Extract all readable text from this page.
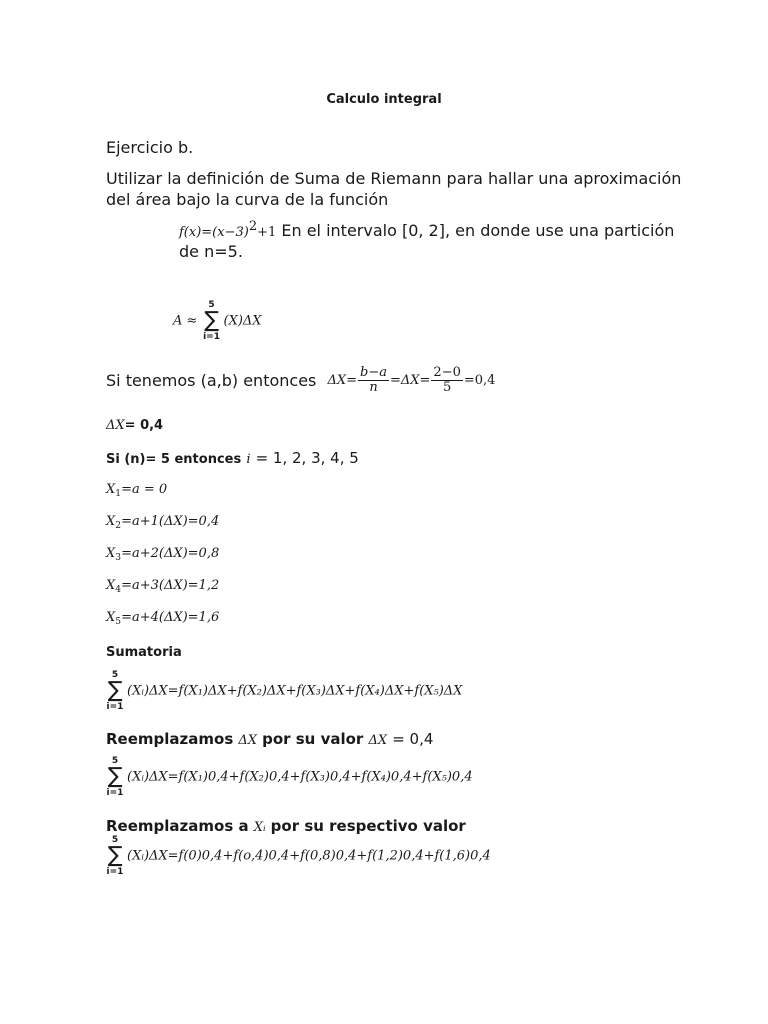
Calculo integral
Ejercicio b.
Utilizar la definición de Suma de Riemann para hallar una aproximación
del área bajo la curva de la función
$f(x)=(x-3)^2+1$ En el intervalo [0, 2], en donde use una partición
de n=5.
A ≈
5
∑
i=1
(X)ΔX
Si tenemos (a,b) entonces $\Delta X= \frac{b-a}{n} =\Delta X= \frac{2-0}{5} =0,4$
ΔX= 0,4
Si (n)= 5 entonces i = 1, 2, 3, 4, 5
$X_1=a = 0$
$X_2=a+1(\Delta X)=0,4$
$X_3=a+2(\Delta X)=0,8$
$X_4=a+3(\Delta X)=1,2$
$X_5=a+4(\Delta X)=1,6$
Sumatoria
5
∑
i=1
(Xᵢ)ΔX=f(X₁)ΔX+f(X₂)ΔX+f(X₃)ΔX+f(X₄)ΔX+f(X₅)ΔX
Reemplazamos ΔX por su valor ΔX = 0,4
5
∑
i=1
(Xᵢ)ΔX=f(X₁)0,4+f(X₂)0,4+f(X₃)0,4+f(X₄)0,4+f(X₅)0,4
Reemplazamos a Xᵢ por su respectivo valor
5
∑
i=1
(Xᵢ)ΔX=f(0)0,4+f(o,4)0,4+f(0,8)0,4+f(1,2)0,4+f(1,6)0,4
